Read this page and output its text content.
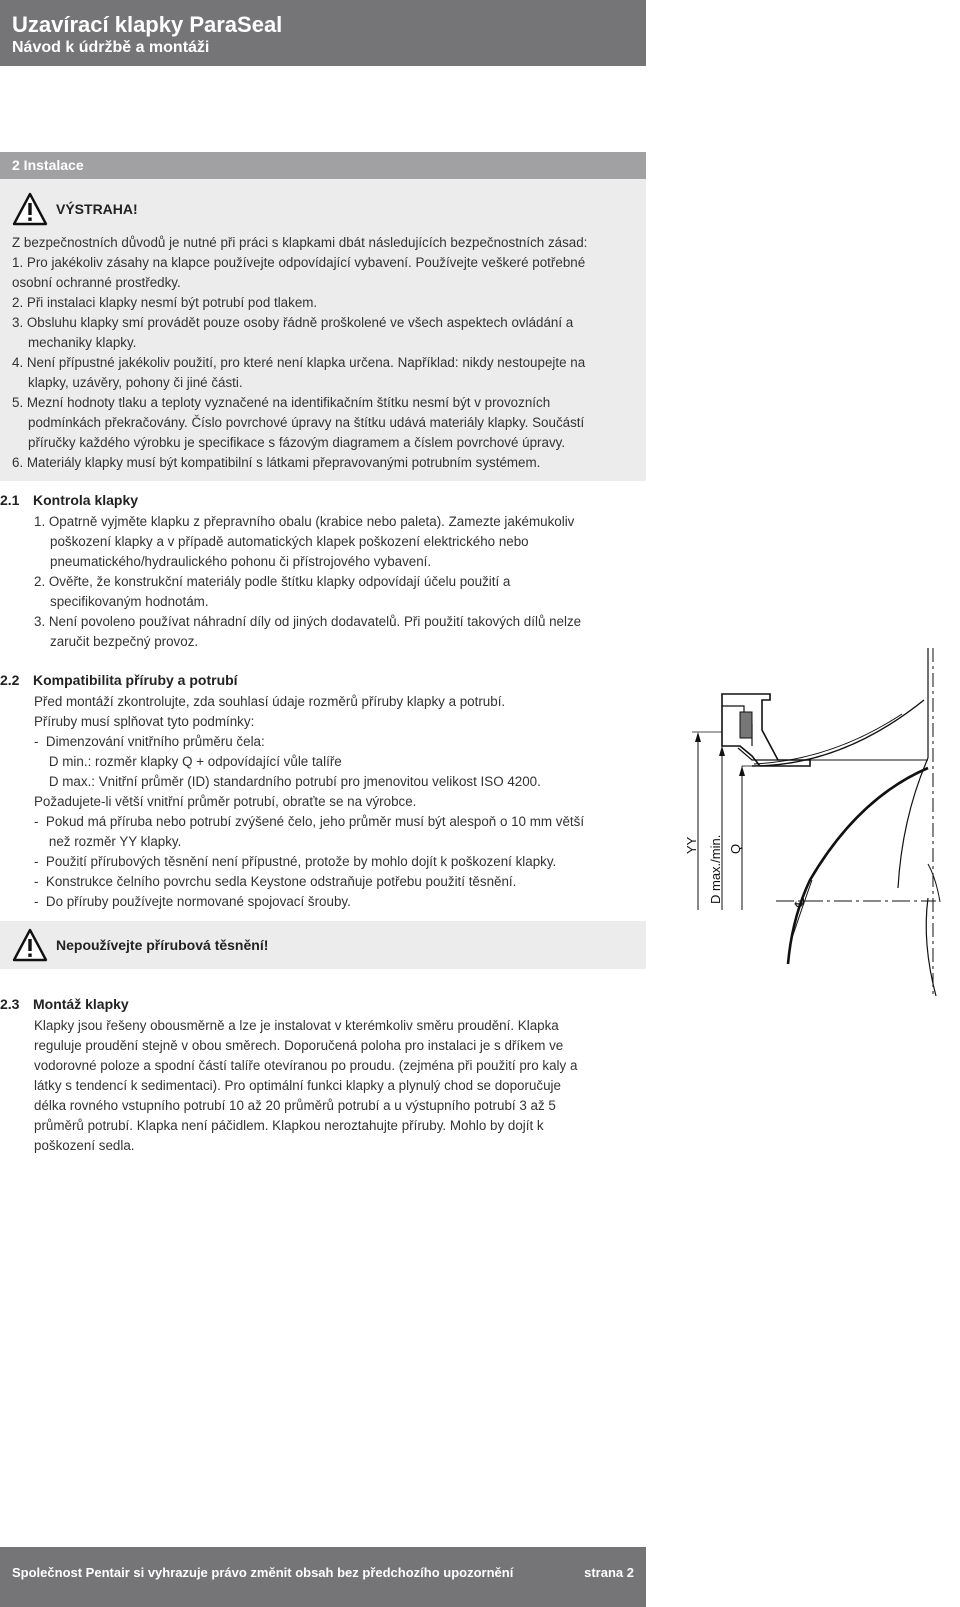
Uzavírací klapky ParaSeal
Návod k údržbě a montáži
2 Instalace
VÝSTRAHA!
Z bezpečnostních důvodů je nutné při práci s klapkami dbát následujících bezpečnostních zásad:
1. Pro jakékoliv zásahy na klapce používejte odpovídající vybavení. Používejte veškeré potřebné
osobní ochranné prostředky.
2. Při instalaci klapky nesmí být potrubí pod tlakem.
3. Obsluhu klapky smí provádět pouze osoby řádně proškolené ve všech aspektech ovládání a
mechaniky klapky.
4. Není přípustné jakékoliv použití, pro které není klapka určena. Například: nikdy nestoupejte na
klapky, uzávěry, pohony či jiné části.
5. Mezní hodnoty tlaku a teploty vyznačené na identifikačním štítku nesmí být v provozních
podmínkách překračovány. Číslo povrchové úpravy na štítku udává materiály klapky. Součástí
příručky každého výrobku je specifikace s fázovým diagramem a číslem povrchové úpravy.
6. Materiály klapky musí být kompatibilní s látkami přepravovanými potrubním systémem.
2.1 Kontrola klapky
1. Opatrně vyjměte klapku z přepravního obalu (krabice nebo paleta). Zamezte jakémukoliv
poškození klapky a v případě automatických klapek poškození elektrického nebo
pneumatického/hydraulického pohonu či přístrojového vybavení.
2. Ověřte, že konstrukční materiály podle štítku klapky odpovídají účelu použití a
specifikovaným hodnotám.
3. Není povoleno používat náhradní díly od jiných dodavatelů. Při použití takových dílů nelze
zaručit bezpečný provoz.
2.2 Kompatibilita příruby a potrubí
Před montáží zkontrolujte, zda souhlasí údaje rozměrů příruby klapky a potrubí.
Příruby musí splňovat tyto podmínky:
-  Dimenzování vnitřního průměru čela:
D min.: rozměr klapky Q + odpovídající vůle talíře
D max.: Vnitřní průměr (ID) standardního potrubí pro jmenovitou velikost ISO 4200.
Požadujete-li větší vnitřní průměr potrubí, obraťte se na výrobce.
-  Pokud má příruba nebo potrubí zvýšené čelo, jeho průměr musí být alespoň o 10 mm větší
než rozměr YY klapky.
-  Použití přírubových těsnění není přípustné, protože by mohlo dojít k poškození klapky.
-  Konstrukce čelního povrchu sedla Keystone odstraňuje potřebu použití těsnění.
-  Do příruby používejte normované spojovací šrouby.
Nepoužívejte přírubová těsnění!
2.3 Montáž klapky
Klapky jsou řešeny obousměrně a lze je instalovat v kterémkoliv směru proudění. Klapka
reguluje proudění stejně v obou směrech. Doporučená poloha pro instalaci je s dříkem ve
vodorovné poloze a spodní částí talíře otevíranou po proudu. (zejména při použití pro kaly a
látky s tendencí k sedimentaci). Pro optimální funkci klapky a plynulý chod se doporučuje
délka rovného vstupního potrubí 10 až 20 průměrů potrubí a u výstupního potrubí 3 až 5
průměrů potrubí. Klapka není páčidlem. Klapkou neroztahujte příruby. Mohlo by dojít k
poškození sedla.
YY D max./min. Q
℄
Společnost Pentair si vyhrazuje právo změnit obsah bez předchozího upozornění	strana 2
